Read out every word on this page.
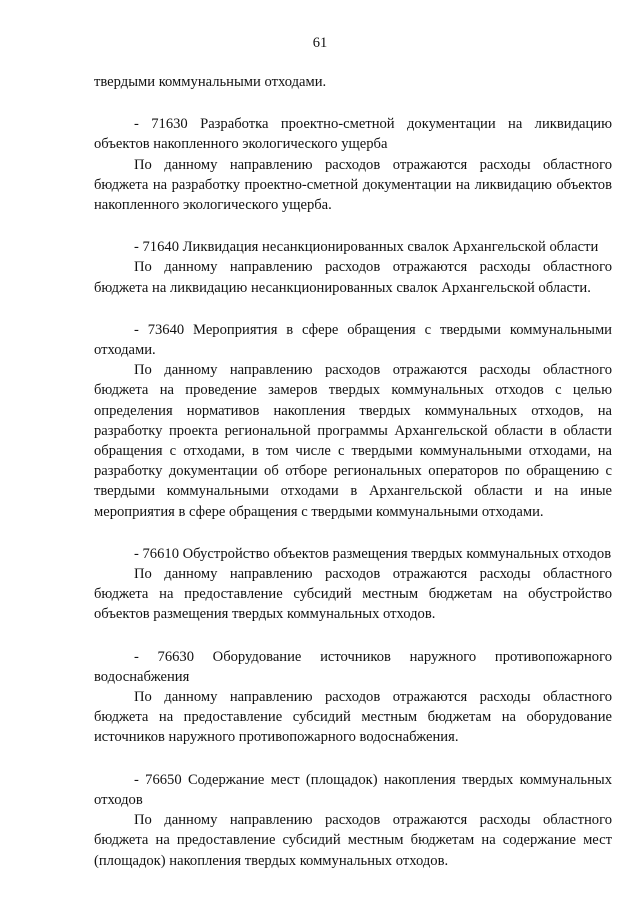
61

твердыми коммунальными отходами.

- 71630 Разработка проектно-сметной документации на ликвидацию объектов накопленного экологического ущерба

По данному направлению расходов отражаются расходы областного бюджета на разработку проектно-сметной документации на ликвидацию объектов накопленного экологического ущерба.

- 71640 Ликвидация несанкционированных свалок Архангельской области

По данному направлению расходов отражаются расходы областного бюджета на ликвидацию несанкционированных свалок Архангельской области.

- 73640 Мероприятия в сфере обращения с твердыми коммунальными отходами.

По данному направлению расходов отражаются расходы областного бюджета на проведение замеров твердых коммунальных отходов с целью определения нормативов накопления твердых коммунальных отходов, на разработку проекта региональной программы Архангельской области в области обращения с отходами, в том числе с твердыми коммунальными отходами, на разработку документации об отборе региональных операторов по обращению с твердыми коммунальными отходами в Архангельской области и на иные мероприятия в сфере обращения с твердыми коммунальными отходами.

- 76610 Обустройство объектов размещения твердых коммунальных отходов

По данному направлению расходов отражаются расходы областного бюджета на предоставление субсидий местным бюджетам на обустройство объектов размещения твердых коммунальных отходов.

- 76630 Оборудование источников наружного противопожарного водоснабжения

По данному направлению расходов отражаются расходы областного бюджета на предоставление субсидий местным бюджетам на оборудование источников наружного противопожарного водоснабжения.

- 76650 Содержание мест (площадок) накопления твердых коммунальных отходов

По данному направлению расходов отражаются расходы областного бюджета на предоставление субсидий местным бюджетам на содержание мест (площадок) накопления твердых коммунальных отходов.
